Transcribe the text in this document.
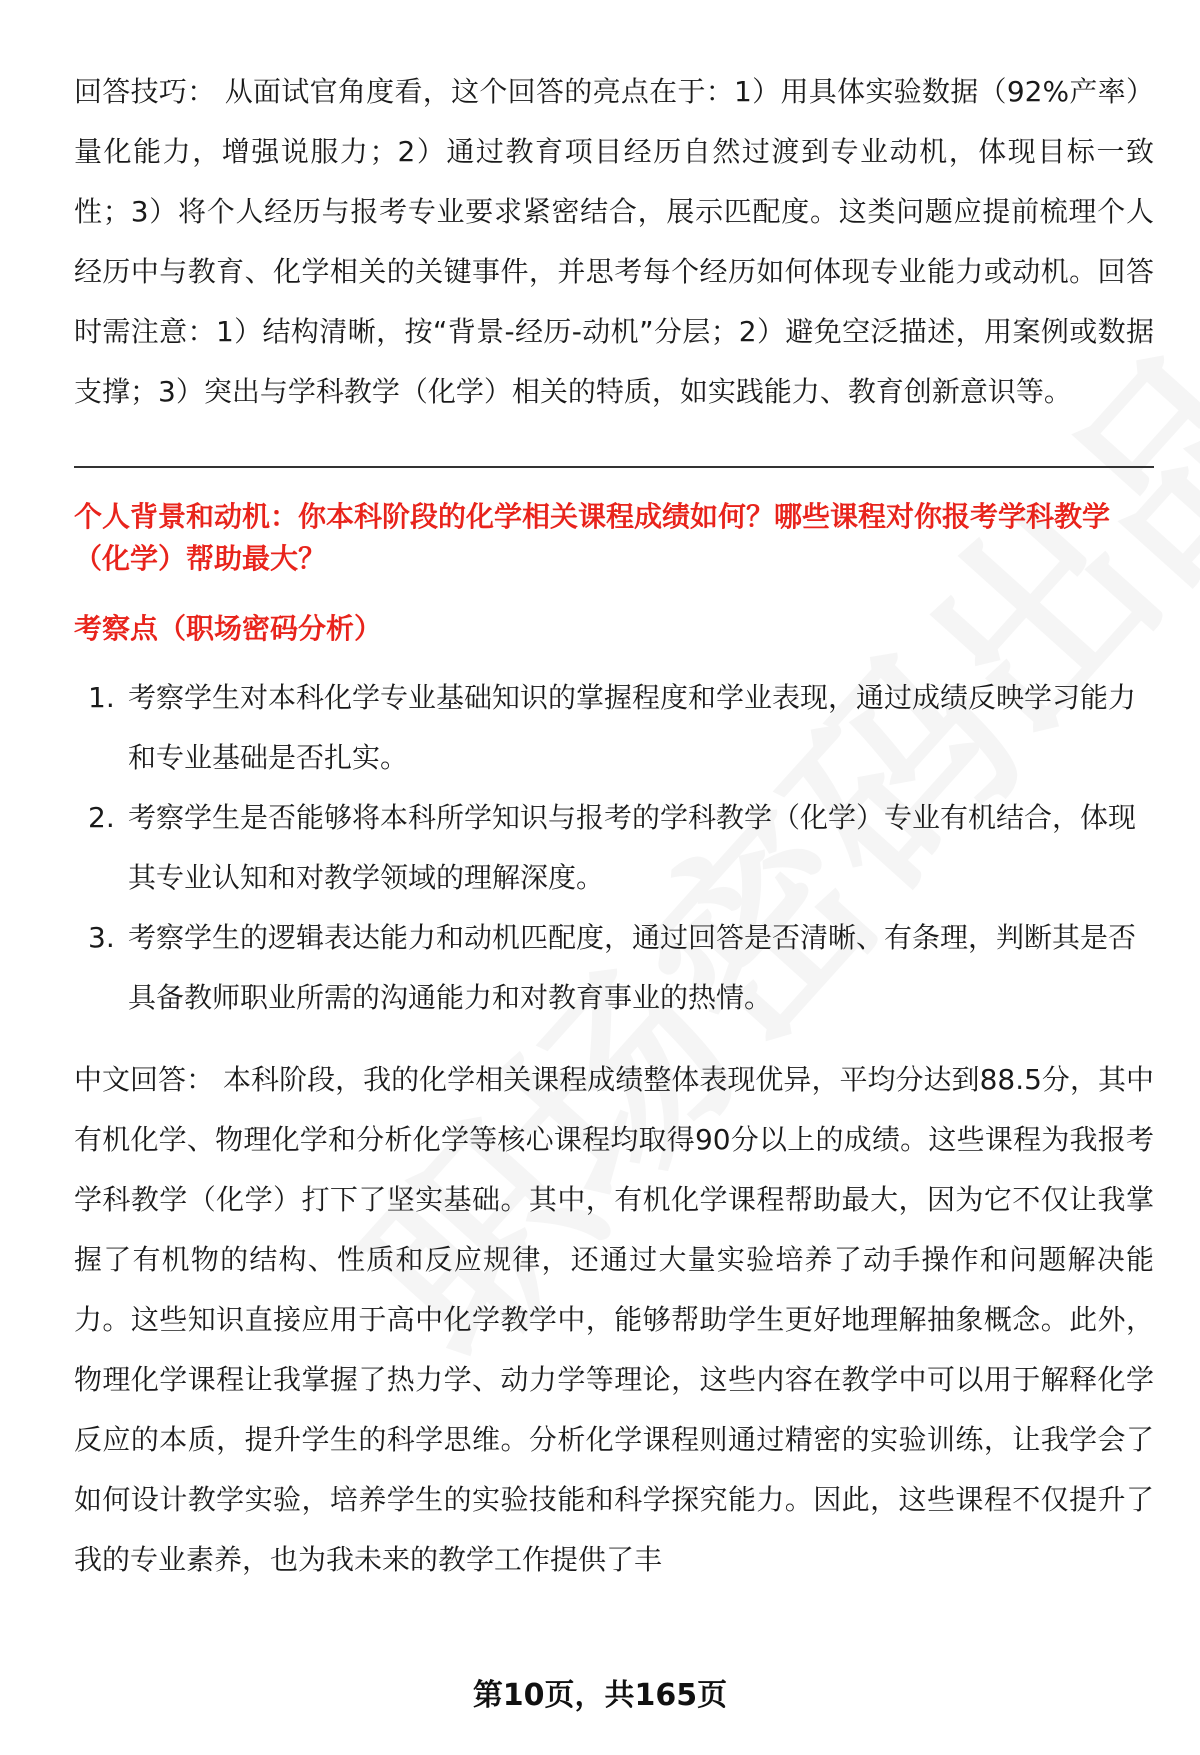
回答技巧： 从面试官角度看，这个回答的亮点在于：1）用具体实验数据（92%产率）量化能力，增强说服力；2）通过教育项目经历自然过渡到专业动机，体现目标一致性；3）将个人经历与报考专业要求紧密结合，展示匹配度。这类问题应提前梳理个人经历中与教育、化学相关的关键事件，并思考每个经历如何体现专业能力或动机。回答时需注意：1）结构清晰，按“背景-经历-动机”分层；2）避免空泛描述，用案例或数据支撑；3）突出与学科教学（化学）相关的特质，如实践能力、教育创新意识等。

个人背景和动机：你本科阶段的化学相关课程成绩如何？哪些课程对你报考学科教学（化学）帮助最大？

考察点（职场密码分析）

1. 考察学生对本科化学专业基础知识的掌握程度和学业表现，通过成绩反映学习能力和专业基础是否扎实。
2. 考察学生是否能够将本科所学知识与报考的学科教学（化学）专业有机结合，体现其专业认知和对教学领域的理解深度。
3. 考察学生的逻辑表达能力和动机匹配度，通过回答是否清晰、有条理，判断其是否具备教师职业所需的沟通能力和对教育事业的热情。

中文回答： 本科阶段，我的化学相关课程成绩整体表现优异，平均分达到88.5分，其中有机化学、物理化学和分析化学等核心课程均取得90分以上的成绩。这些课程为我报考学科教学（化学）打下了坚实基础。其中，有机化学课程帮助最大，因为它不仅让我掌握了有机物的结构、性质和反应规律，还通过大量实验培养了动手操作和问题解决能力。这些知识直接应用于高中化学教学中，能够帮助学生更好地理解抽象概念。此外，物理化学课程让我掌握了热力学、动力学等理论，这些内容在教学中可以用于解释化学反应的本质，提升学生的科学思维。分析化学课程则通过精密的实验训练，让我学会了如何设计教学实验，培养学生的实验技能和科学探究能力。因此，这些课程不仅提升了我的专业素养，也为我未来的教学工作提供了丰

第10页，共165页
